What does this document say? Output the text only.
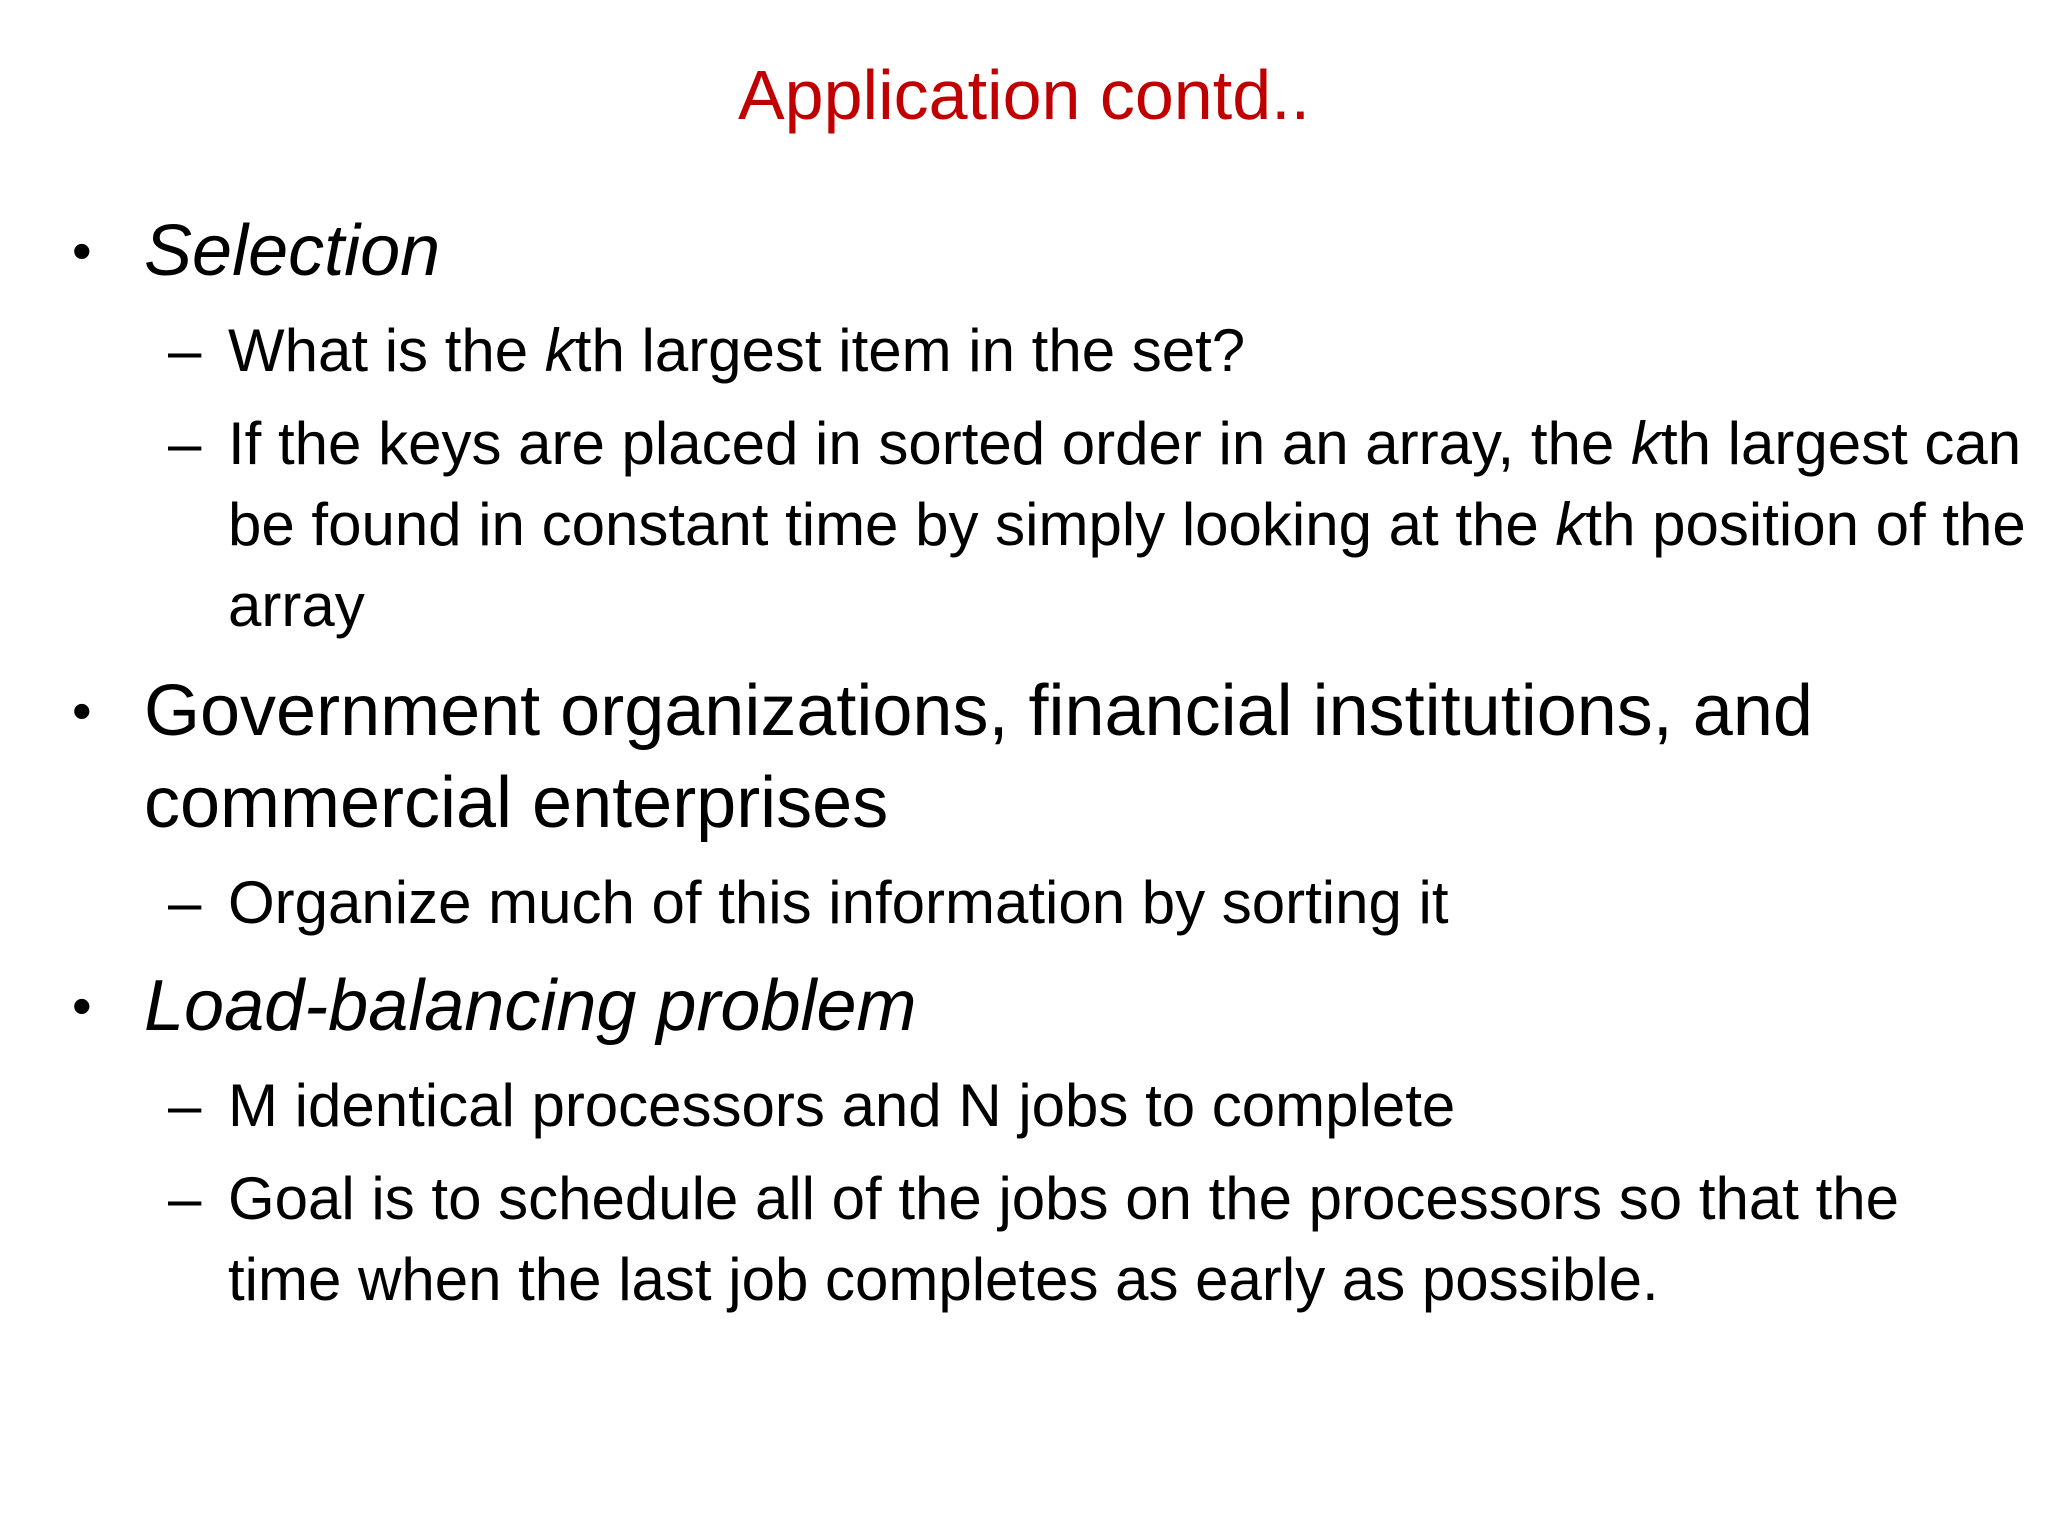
Application contd..
• Selection
– What is the kth largest item in the set?
– If the keys are placed in sorted order in an array, the kth largest can be found in constant time by simply looking at the kth position of the array
• Government organizations, financial institutions, and commercial enterprises
– Organize much of this information by sorting it
• Load-balancing problem
– M identical processors and N jobs to complete
– Goal is to schedule all of the jobs on the processors so that the time when the last job completes as early as possible.
